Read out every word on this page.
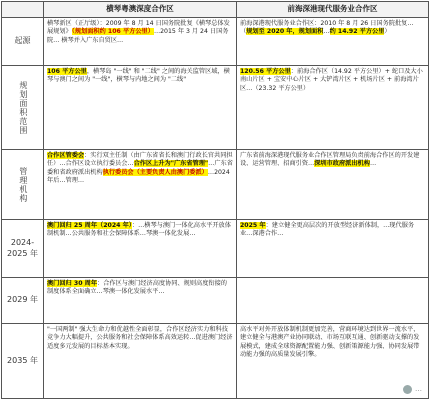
横琴粤澳深度合作区	前海深港现代服务业合作区
起源
横琴新区（正厅级）：2009 年 8 月 14 日国务院批复《横琴总体发展规划》（规划面积约 106 平方公里）…2015 年 3 月 24 日国务院… 横琴并入广东自贸区…
前海深港现代服务业合作区：2010 年 8 月 26 日国务院批复…（规划至 2020 年，规划面积…约 14.92 平方公里）
规划面积范围
106 平方公里，横琴岛 "一线" 和 "二线" 之间的海关监管区域，横琴与澳门之间为 "一线"，横琴与内地之间为 "二线"
120.56 平方公里：前海合作区（14.92 平方公里）+ 蛇口及大小南山片区 + 宝安中心片区 + 大铲湾片区 + 机场片区 + 前海湾片区…（23.32 平方公里）
管理机构
合作区管委会：实行双主任制（由广东省省长和澳门行政长官共同担任）…合作区设立执行委员会…合作区上升为"广东省管理"…广东省委和省政府派出机构执行委员会（主要负责人由澳门委派）…2024 年后…管理…
广东省前海深港现代服务业合作区管理局负责前海合作区的开发建设、运营管理、招商引资…深圳市政府派出机构…
2024-2025 年
澳门回归 25 周年（2024 年）：…横琴与澳门一体化高水平开放体制机制…公共服务和社会保障体系…琴澳一体化发展…
2025 年：建立健全更高层次的开放型经济新体制，…现代服务业…深港合作…
2029 年
澳门回归 30 周年：合作区与澳门经济高度协同、规则高度衔接的制度体系全面确立…琴澳一体化发展水平…
2035 年
"一国两制" 强大生命力和优越性全面彰显，合作区经济实力和科技竞争力大幅提升，公共服务和社会保障体系高效运转…促进澳门经济适度多元发展的目标基本实现。
高水平对外开放体制机制更加完善，营商环境达到世界一流水平，建立健全与港澳产业协同联动、市场互联互通、创新驱动支撑的发展模式，建成全球资源配置能力强、创新策源能力强、协同发展带动能力强的高质量发展引擎。
…
